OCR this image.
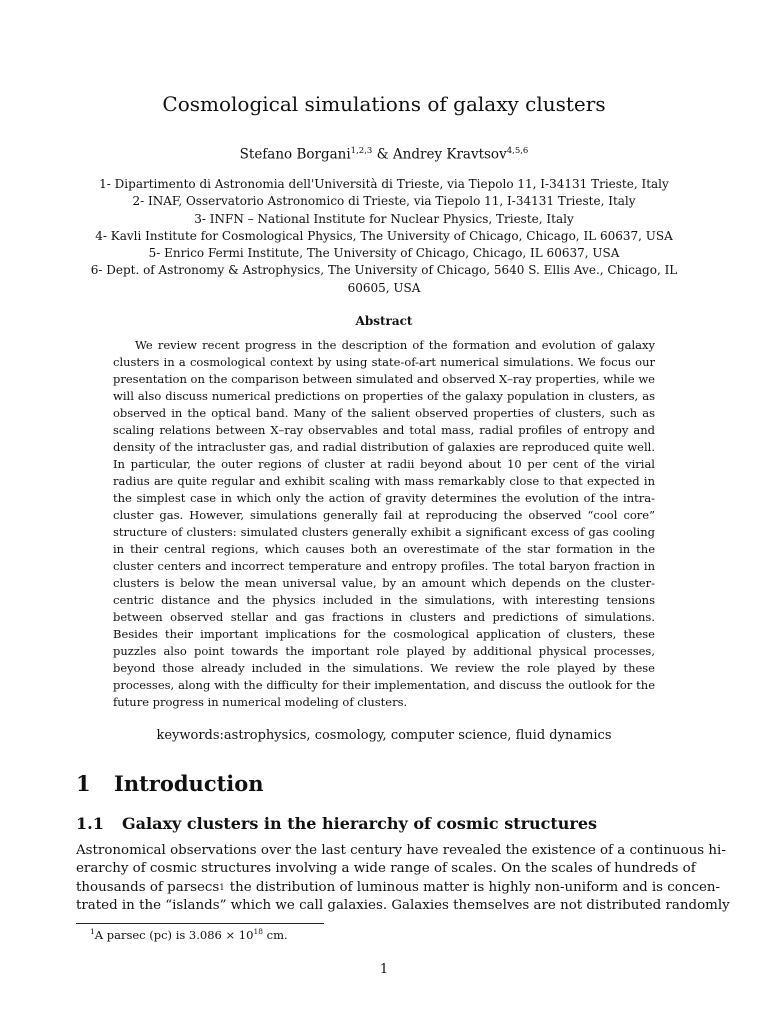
Cosmological simulations of galaxy clusters
Stefano Borgani$^{1,2,3}$ & Andrey Kravtsov$^{4,5,6}$
1- Dipartimento di Astronomia dell'Università di Trieste, via Tiepolo 11, I-34131 Trieste, Italy
2- INAF, Osservatorio Astronomico di Trieste, via Tiepolo 11, I-34131 Trieste, Italy
3- INFN – National Institute for Nuclear Physics, Trieste, Italy
4- Kavli Institute for Cosmological Physics, The University of Chicago, Chicago, IL 60637, USA
5- Enrico Fermi Institute, The University of Chicago, Chicago, IL 60637, USA
6- Dept. of Astronomy & Astrophysics, The University of Chicago, 5640 S. Ellis Ave., Chicago, IL 60605, USA
Abstract

We review recent progress in the description of the formation and evolution of galaxy clusters in a cosmological context by using state-of-art numerical simulations. We focus our presentation on the comparison between simulated and observed X–ray properties, while we will also discuss numerical predictions on properties of the galaxy population in clusters, as observed in the optical band. Many of the salient observed properties of clusters, such as scaling relations between X–ray observables and total mass, radial profiles of entropy and density of the intracluster gas, and radial distribution of galaxies are reproduced quite well. In particular, the outer regions of cluster at radii beyond about 10 per cent of the virial radius are quite regular and exhibit scaling with mass remarkably close to that expected in the simplest case in which only the action of gravity determines the evolution of the intra-cluster gas. However, simulations generally fail at reproducing the observed “cool core” structure of clusters: simulated clusters generally exhibit a significant excess of gas cooling in their central regions, which causes both an overestimate of the star formation in the cluster centers and incorrect temperature and entropy profiles. The total baryon fraction in clusters is below the mean universal value, by an amount which depends on the cluster-centric distance and the physics included in the simulations, with interesting tensions between observed stellar and gas fractions in clusters and predictions of simulations. Besides their important implications for the cosmological application of clusters, these puzzles also point towards the important role played by additional physical processes, beyond those already included in the simulations. We review the role played by these processes, along with the difficulty for their implementation, and discuss the outlook for the future progress in numerical modeling of clusters.

keywords:astrophysics, cosmology, computer science, fluid dynamics
1 Introduction
1.1 Galaxy clusters in the hierarchy of cosmic structures
Astronomical observations over the last century have revealed the existence of a continuous hi-
erarchy of cosmic structures involving a wide range of scales. On the scales of hundreds of
thousands of parsecs 1 the distribution of luminous matter is highly non-uniform and is concen-
trated in the “islands” which we call galaxies. Galaxies themselves are not distributed randomly
$^1$A parsec (pc) is $3.086 \times 10^{18}$ cm.
1
